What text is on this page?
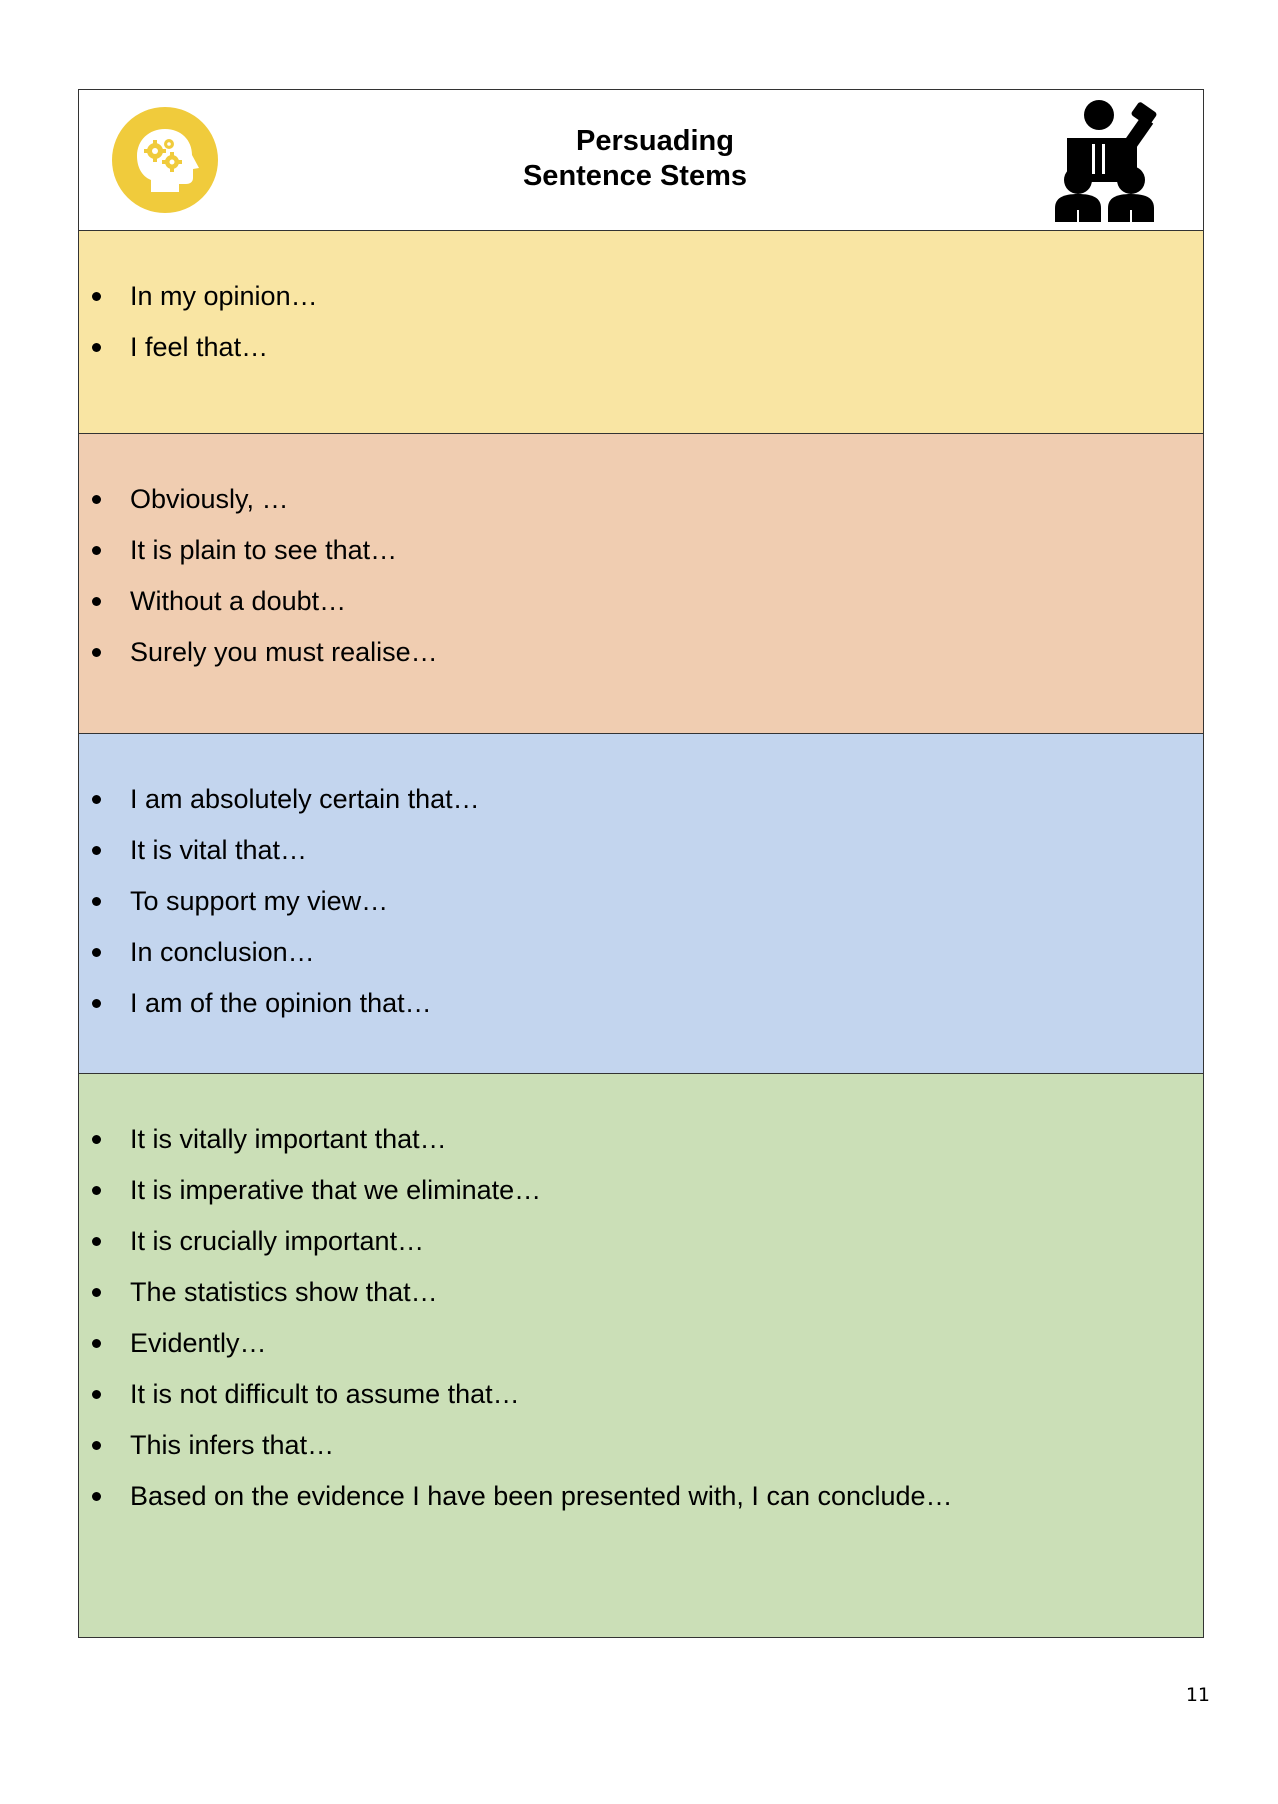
Persuading
Sentence Stems
In my opinion…
I feel that…
Obviously, …
It is plain to see that…
Without a doubt…
Surely you must realise…
I am absolutely certain that…
It is vital that…
To support my view…
In conclusion…
I am of the opinion that…
It is vitally important that…
It is imperative that we eliminate…
It is crucially important…
The statistics show that…
Evidently…
It is not difficult to assume that…
This infers that…
Based on the evidence I have been presented with, I can conclude…
11
